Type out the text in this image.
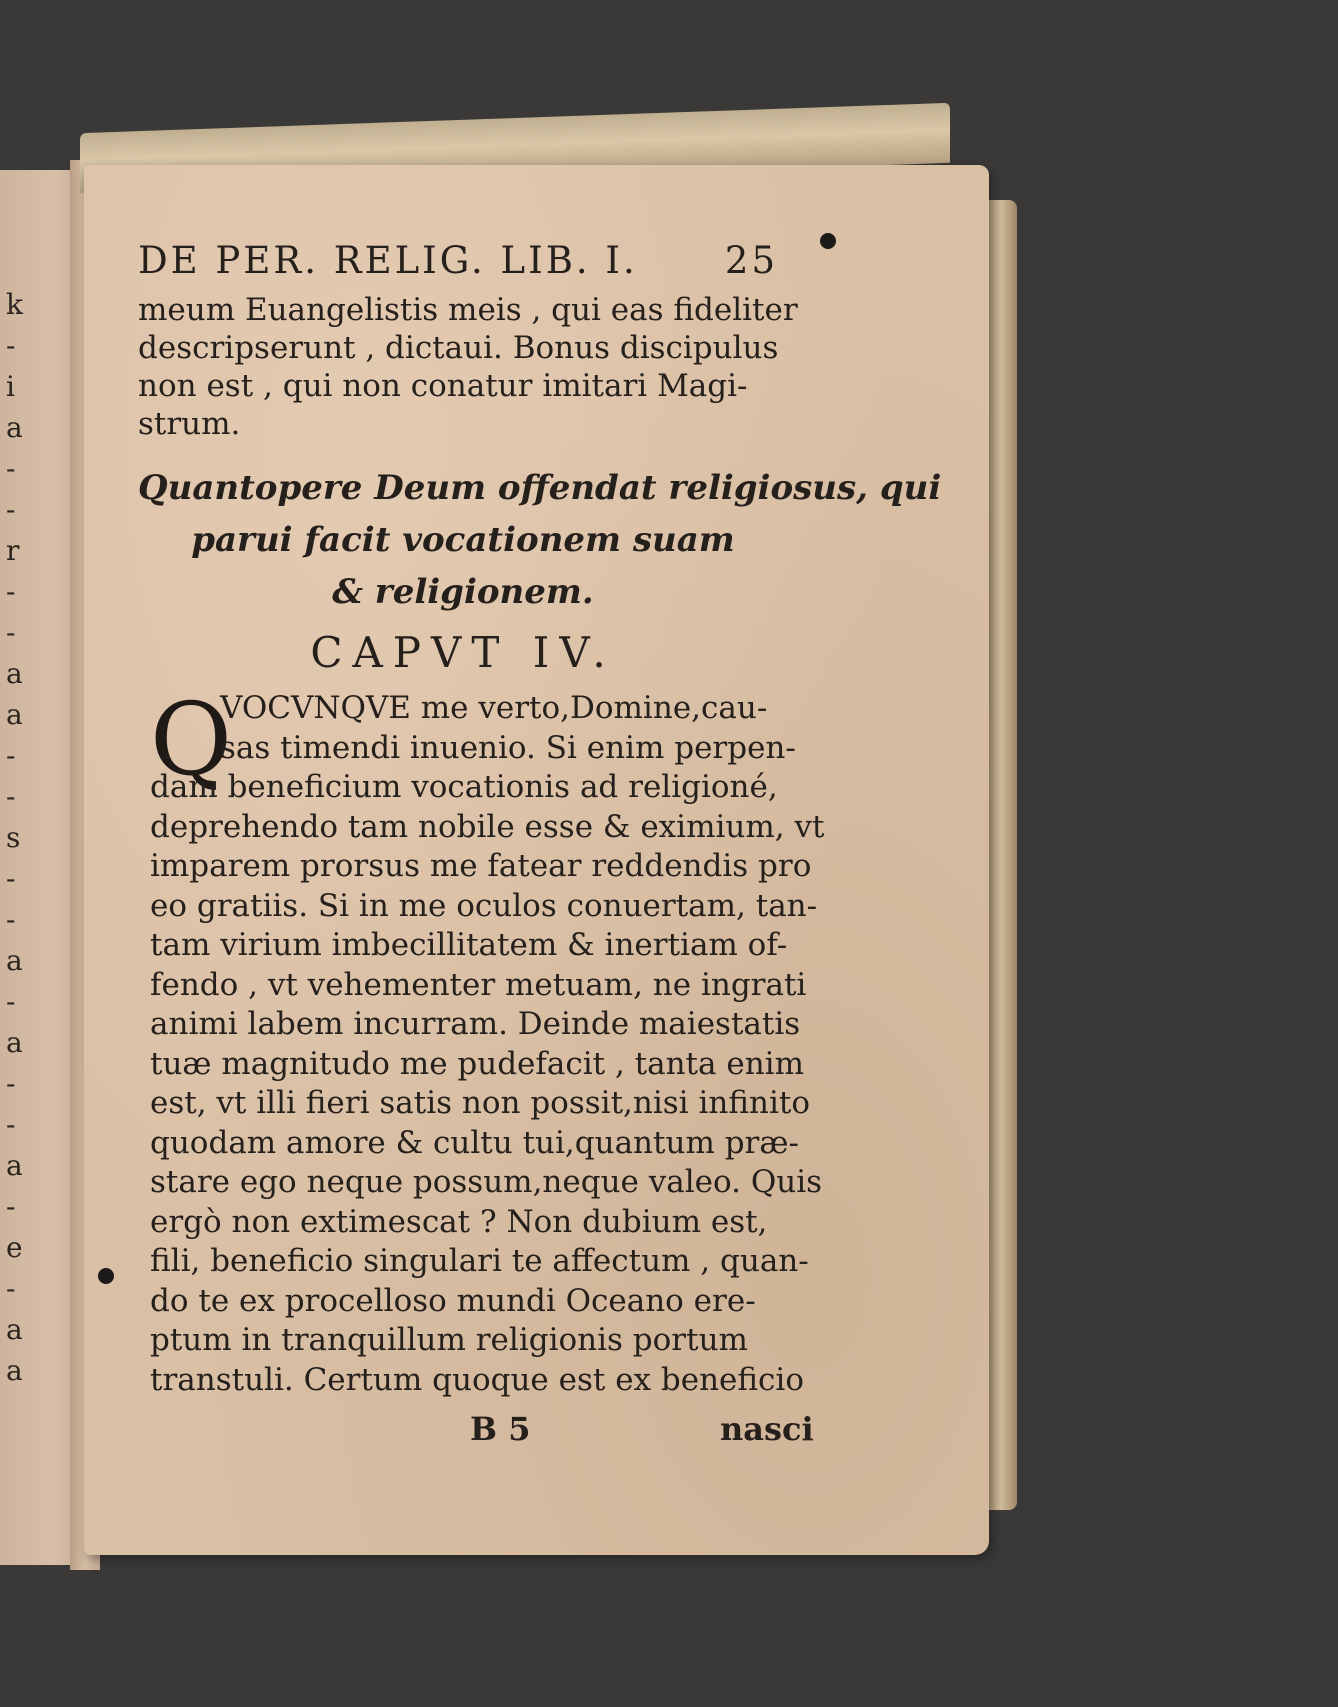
k
-
i
a
-
-
r
-
-
a
a
-
-
s
-
-
a
-
a
-
-
a
-
e
-
a
a
DE PER. RELIG. LIB. I. 25
meum Euangelistis meis , qui eas fideliter
descripserunt , dictaui. Bonus discipulus
non est , qui non conatur imitari Magi-
strum.
Quantopere Deum offendat religiosus, qui
parui facit vocationem suam
& religionem.
CAPVT IV.
Q
VOCVNQVE me verto,Domine,cau-
sas timendi inuenio. Si enim perpen-
dam beneficium vocationis ad religioné,
deprehendo tam nobile esse & eximium, vt
imparem prorsus me fatear reddendis pro
eo gratiis. Si in me oculos conuertam, tan-
tam virium imbecillitatem & inertiam of-
fendo , vt vehementer metuam, ne ingrati
animi labem incurram. Deinde maiestatis
tuæ magnitudo me pudefacit , tanta enim
est, vt illi fieri satis non possit,nisi infinito
quodam amore & cultu tui,quantum præ-
stare ego neque possum,neque valeo. Quis
ergò non extimescat ? Non dubium est,
fili, beneficio singulari te affectum , quan-
do te ex procelloso mundi Oceano ere-
ptum in tranquillum religionis portum
transtuli. Certum quoque est ex beneficio
B 5	nasci
